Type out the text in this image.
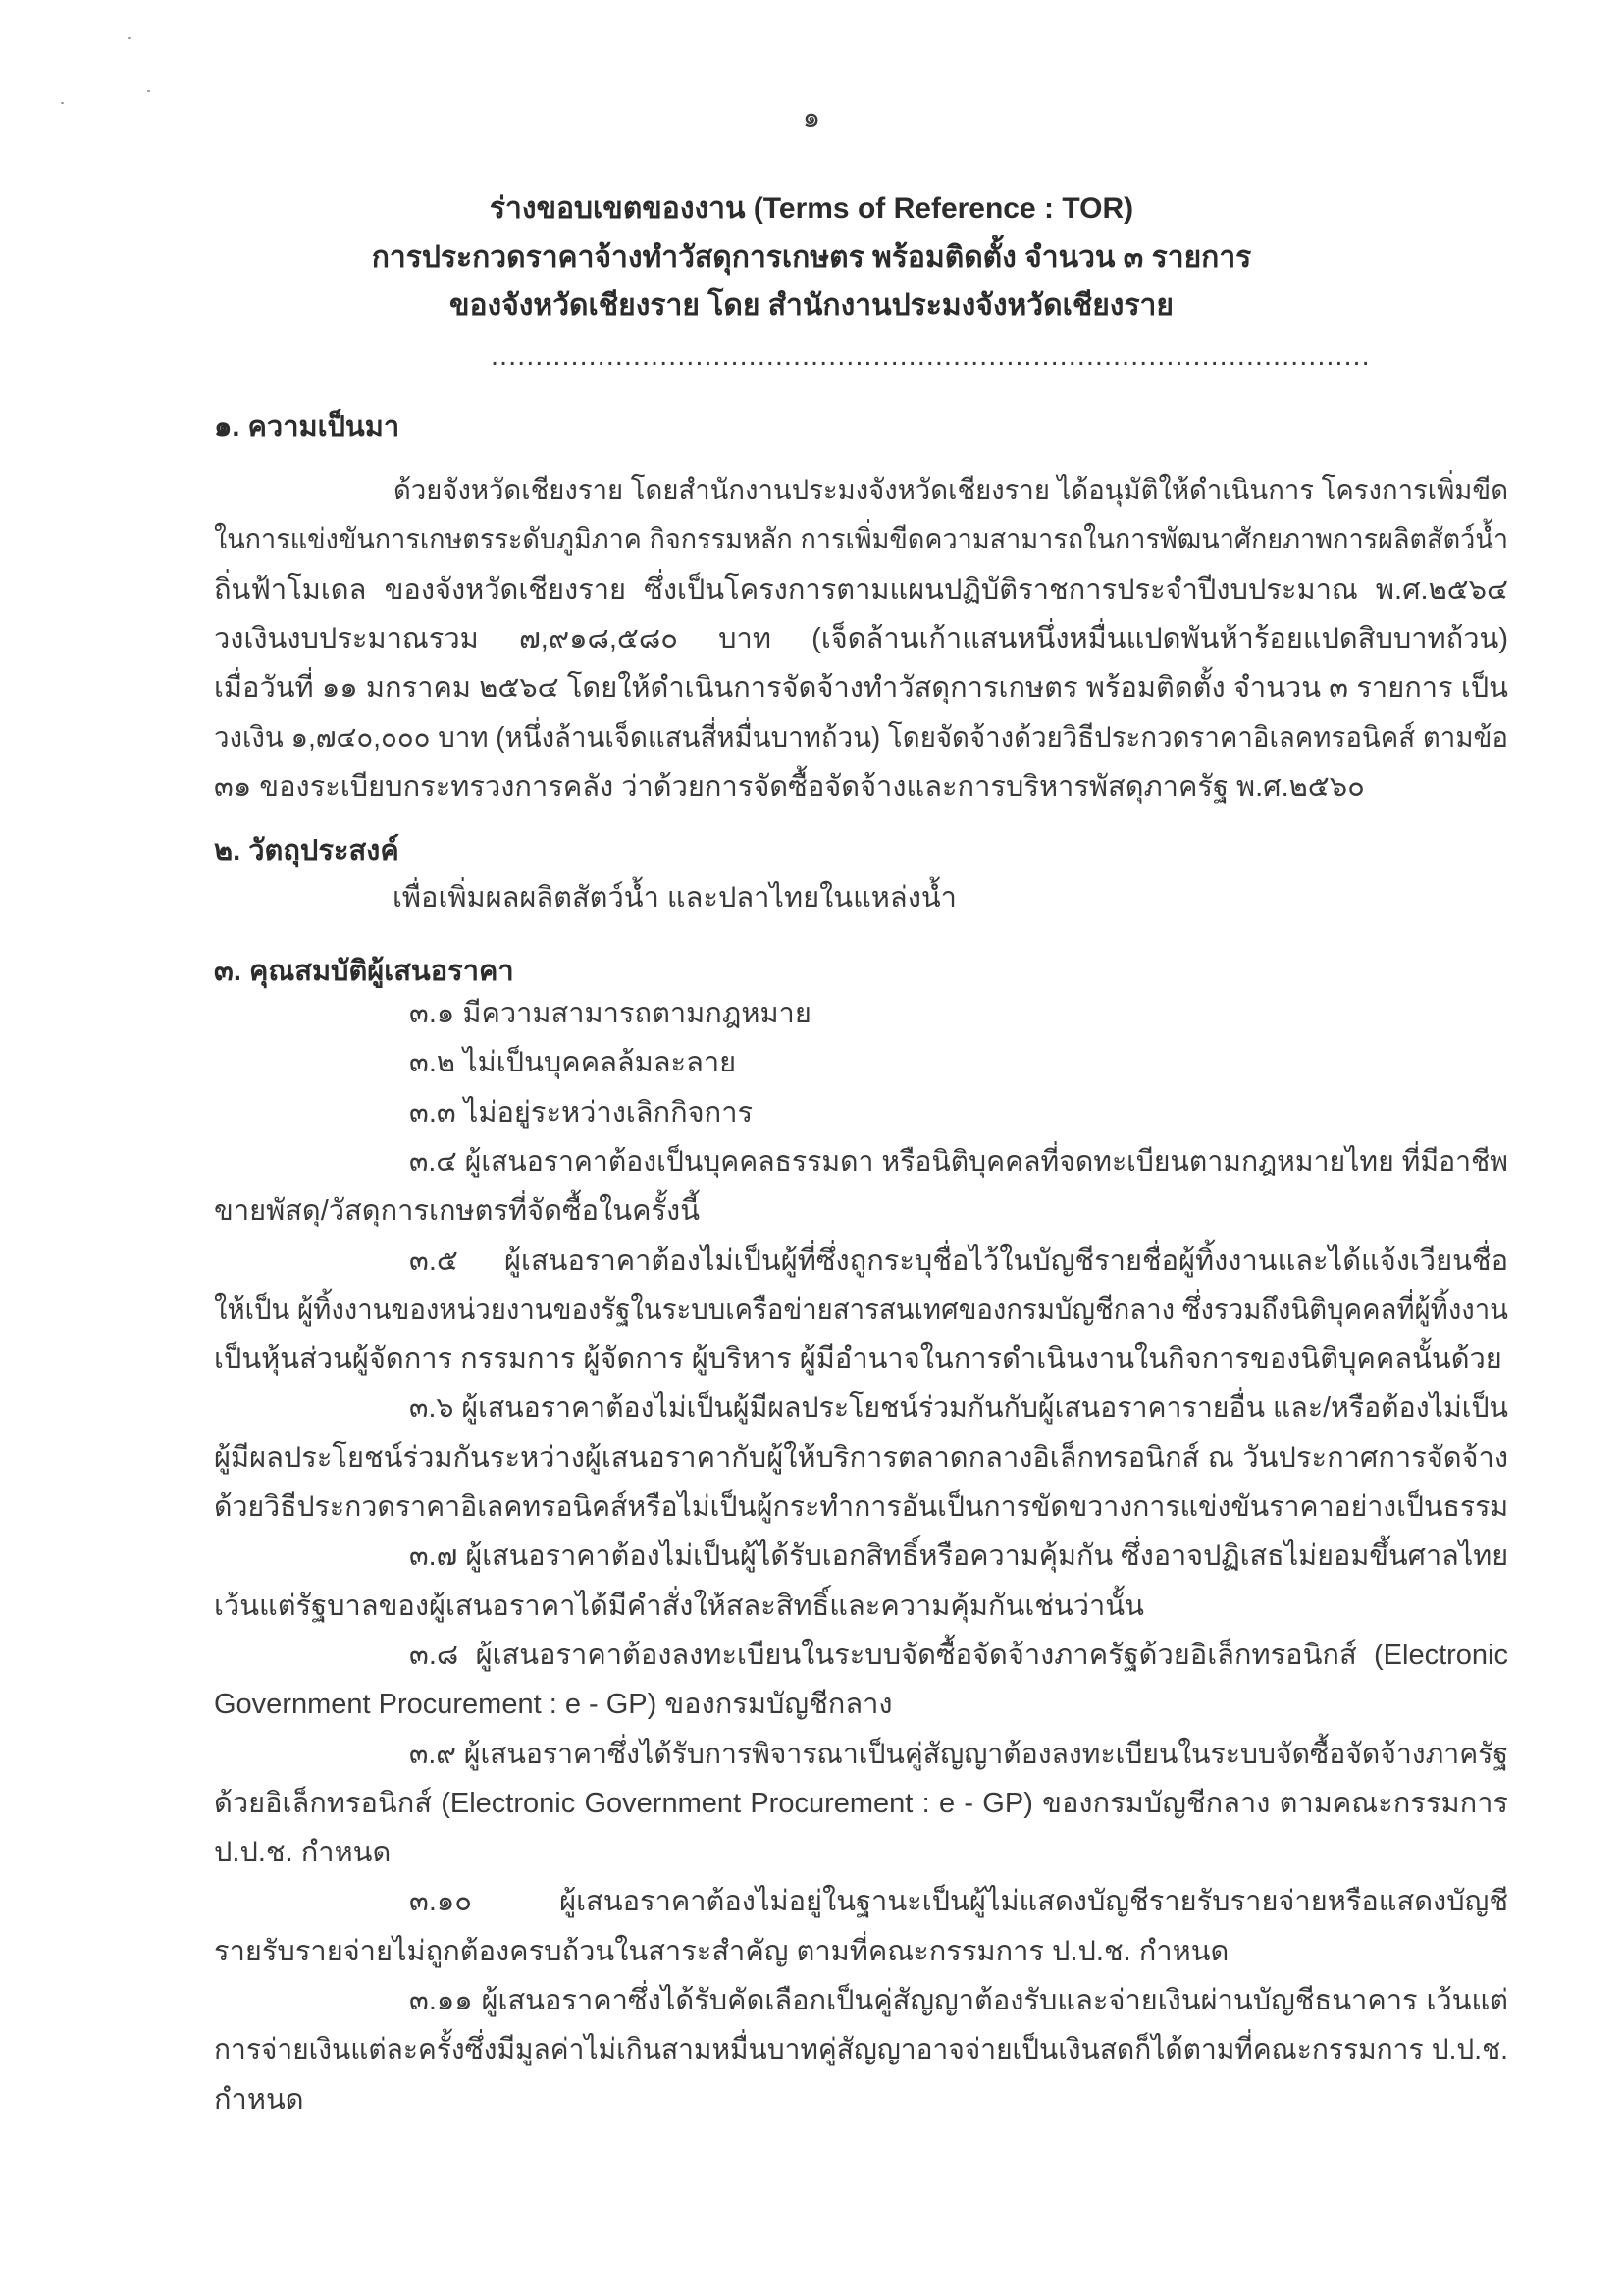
๑
ร่างขอบเขตของงาน (Terms of Reference : TOR)
การประกวดราคาจ้างทำวัสดุการเกษตร พร้อมติดตั้ง จำนวน ๓ รายการ
ของจังหวัดเชียงราย โดย สำนักงานประมงจังหวัดเชียงราย
...................................................................................................
๑. ความเป็นมา
ด้วยจังหวัดเชียงราย โดยสำนักงานประมงจังหวัดเชียงราย ได้อนุมัติให้ดำเนินการ โครงการเพิ่มขีด
ในการแข่งขันการเกษตรระดับภูมิภาค กิจกรรมหลัก การเพิ่มขีดความสามารถในการพัฒนาศักยภาพการผลิตสัตว์น้ำ
ถิ่นฟ้าโมเดล ของจังหวัดเชียงราย ซึ่งเป็นโครงการตามแผนปฏิบัติราชการประจำปีงบประมาณ พ.ศ.๒๕๖๔
วงเงินงบประมาณรวม ๗,๙๑๘,๕๘๐ บาท (เจ็ดล้านเก้าแสนหนึ่งหมื่นแปดพันห้าร้อยแปดสิบบาทถ้วน)
เมื่อวันที่ ๑๑ มกราคม ๒๕๖๔ โดยให้ดำเนินการจัดจ้างทำวัสดุการเกษตร พร้อมติดตั้ง จำนวน ๓ รายการ เป็น
วงเงิน ๑,๗๔๐,๐๐๐ บาท (หนึ่งล้านเจ็ดแสนสี่หมื่นบาทถ้วน) โดยจัดจ้างด้วยวิธีประกวดราคาอิเลคทรอนิคส์ ตามข้อ
๓๑ ของระเบียบกระทรวงการคลัง ว่าด้วยการจัดซื้อจัดจ้างและการบริหารพัสดุภาครัฐ พ.ศ.๒๕๖๐
๒. วัตถุประสงค์
เพื่อเพิ่มผลผลิตสัตว์น้ำ และปลาไทยในแหล่งน้ำ
๓. คุณสมบัติผู้เสนอราคา
๓.๑ มีความสามารถตามกฎหมาย
๓.๒ ไม่เป็นบุคคลล้มละลาย
๓.๓ ไม่อยู่ระหว่างเลิกกิจการ
๓.๔ ผู้เสนอราคาต้องเป็นบุคคลธรรมดา หรือนิติบุคคลที่จดทะเบียนตามกฎหมายไทย ที่มีอาชีพ
ขายพัสดุ/วัสดุการเกษตรที่จัดซื้อในครั้งนี้
๓.๕ ผู้เสนอราคาต้องไม่เป็นผู้ที่ซึ่งถูกระบุชื่อไว้ในบัญชีรายชื่อผู้ทิ้งงานและได้แจ้งเวียนชื่อ
ให้เป็น ผู้ทิ้งงานของหน่วยงานของรัฐในระบบเครือข่ายสารสนเทศของกรมบัญชีกลาง ซึ่งรวมถึงนิติบุคคลที่ผู้ทิ้งงาน
เป็นหุ้นส่วนผู้จัดการ กรรมการ ผู้จัดการ ผู้บริหาร ผู้มีอำนาจในการดำเนินงานในกิจการของนิติบุคคลนั้นด้วย
๓.๖ ผู้เสนอราคาต้องไม่เป็นผู้มีผลประโยชน์ร่วมกันกับผู้เสนอราคารายอื่น และ/หรือต้องไม่เป็น
ผู้มีผลประโยชน์ร่วมกันระหว่างผู้เสนอราคากับผู้ให้บริการตลาดกลางอิเล็กทรอนิกส์ ณ วันประกาศการจัดจ้าง
ด้วยวิธีประกวดราคาอิเลคทรอนิคส์หรือไม่เป็นผู้กระทำการอันเป็นการขัดขวางการแข่งขันราคาอย่างเป็นธรรม
๓.๗ ผู้เสนอราคาต้องไม่เป็นผู้ได้รับเอกสิทธิ์หรือความคุ้มกัน ซึ่งอาจปฏิเสธไม่ยอมขึ้นศาลไทย
เว้นแต่รัฐบาลของผู้เสนอราคาได้มีคำสั่งให้สละสิทธิ์และความคุ้มกันเช่นว่านั้น
๓.๘ ผู้เสนอราคาต้องลงทะเบียนในระบบจัดซื้อจัดจ้างภาครัฐด้วยอิเล็กทรอนิกส์ (Electronic
Government Procurement : e - GP) ของกรมบัญชีกลาง
๓.๙ ผู้เสนอราคาซึ่งได้รับการพิจารณาเป็นคู่สัญญาต้องลงทะเบียนในระบบจัดซื้อจัดจ้างภาครัฐ
ด้วยอิเล็กทรอนิกส์ (Electronic Government Procurement : e - GP) ของกรมบัญชีกลาง ตามคณะกรรมการ
ป.ป.ช. กำหนด
๓.๑๐ ผู้เสนอราคาต้องไม่อยู่ในฐานะเป็นผู้ไม่แสดงบัญชีรายรับรายจ่ายหรือแสดงบัญชี
รายรับรายจ่ายไม่ถูกต้องครบถ้วนในสาระสำคัญ ตามที่คณะกรรมการ ป.ป.ช. กำหนด
๓.๑๑ ผู้เสนอราคาซึ่งได้รับคัดเลือกเป็นคู่สัญญาต้องรับและจ่ายเงินผ่านบัญชีธนาคาร เว้นแต่
การจ่ายเงินแต่ละครั้งซึ่งมีมูลค่าไม่เกินสามหมื่นบาทคู่สัญญาอาจจ่ายเป็นเงินสดก็ได้ตามที่คณะกรรมการ ป.ป.ช.
กำหนด
